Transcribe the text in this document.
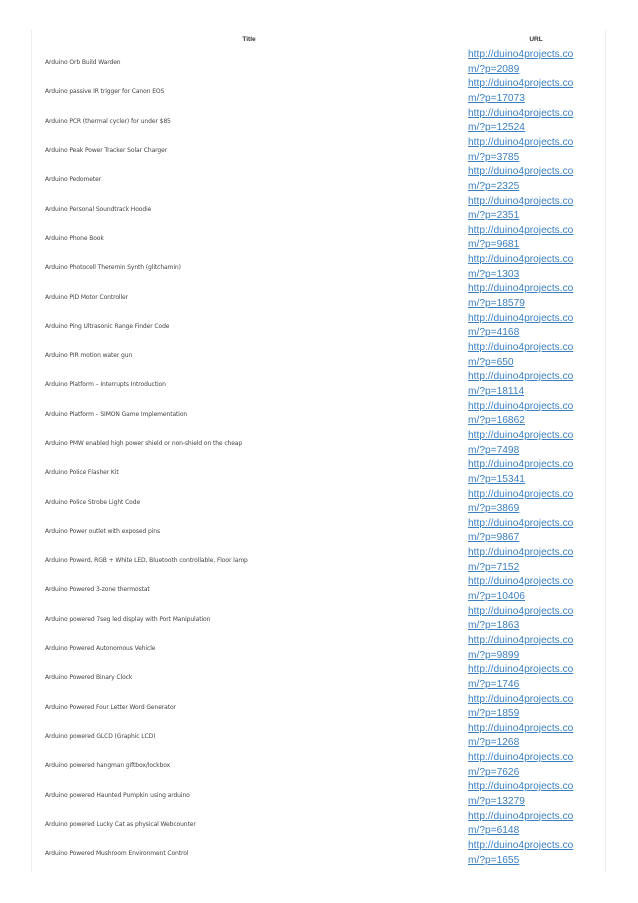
Title	URL
Arduino Orb Build Warden	http://duino4projects.com/?p=2089

Arduino passive IR trigger for Canon EOS	http://duino4projects.com/?p=17073

Arduino PCR (thermal cycler) for under $85	http://duino4projects.com/?p=12524

Arduino Peak Power Tracker Solar Charger	http://duino4projects.com/?p=3785

Arduino Pedometer	http://duino4projects.com/?p=2325

Arduino Personal Soundtrack Hoodie	http://duino4projects.com/?p=2351

Arduino Phone Book	http://duino4projects.com/?p=9681

Arduino Photocell Theremin Synth (glitchamin)	http://duino4projects.com/?p=1303

Arduino PID Motor Controller	http://duino4projects.com/?p=18579

Arduino Ping Ultrasonic Range Finder Code	http://duino4projects.com/?p=4168

Arduino PIR motion water gun	http://duino4projects.com/?p=650

Arduino Platform – Interrupts Introduction	http://duino4projects.com/?p=18114

Arduino Platform – SIMON Game Implementation	http://duino4projects.com/?p=16862

Arduino PMW enabled high power shield or non-shield on the cheap	http://duino4projects.com/?p=7498

Arduino Police Flasher Kit	http://duino4projects.com/?p=15341

Arduino Police Strobe Light Code	http://duino4projects.com/?p=3869

Arduino Power outlet with exposed pins	http://duino4projects.com/?p=9867

Arduino Powerd, RGB + White LED, Bluetooth controllable, Floor lamp	http://duino4projects.com/?p=7152

Arduino Powered 3-zone thermostat	http://duino4projects.com/?p=10406

Arduino powered 7seg led display with Port Manipulation	http://duino4projects.com/?p=1863

Arduino Powered Autonomous Vehicle	http://duino4projects.com/?p=9899

Arduino Powered Binary Clock	http://duino4projects.com/?p=1746

Arduino Powered Four Letter Word Generator	http://duino4projects.com/?p=1859

Arduino powered GLCD (Graphic LCD)	http://duino4projects.com/?p=1268

Arduino powered hangman giftbox/lockbox	http://duino4projects.com/?p=7626

Arduino powered Haunted Pumpkin using arduino	http://duino4projects.com/?p=13279

Arduino powered Lucky Cat as physical Webcounter	http://duino4projects.com/?p=6148

Arduino Powered Mushroom Environment Control	http://duino4projects.com/?p=1655
